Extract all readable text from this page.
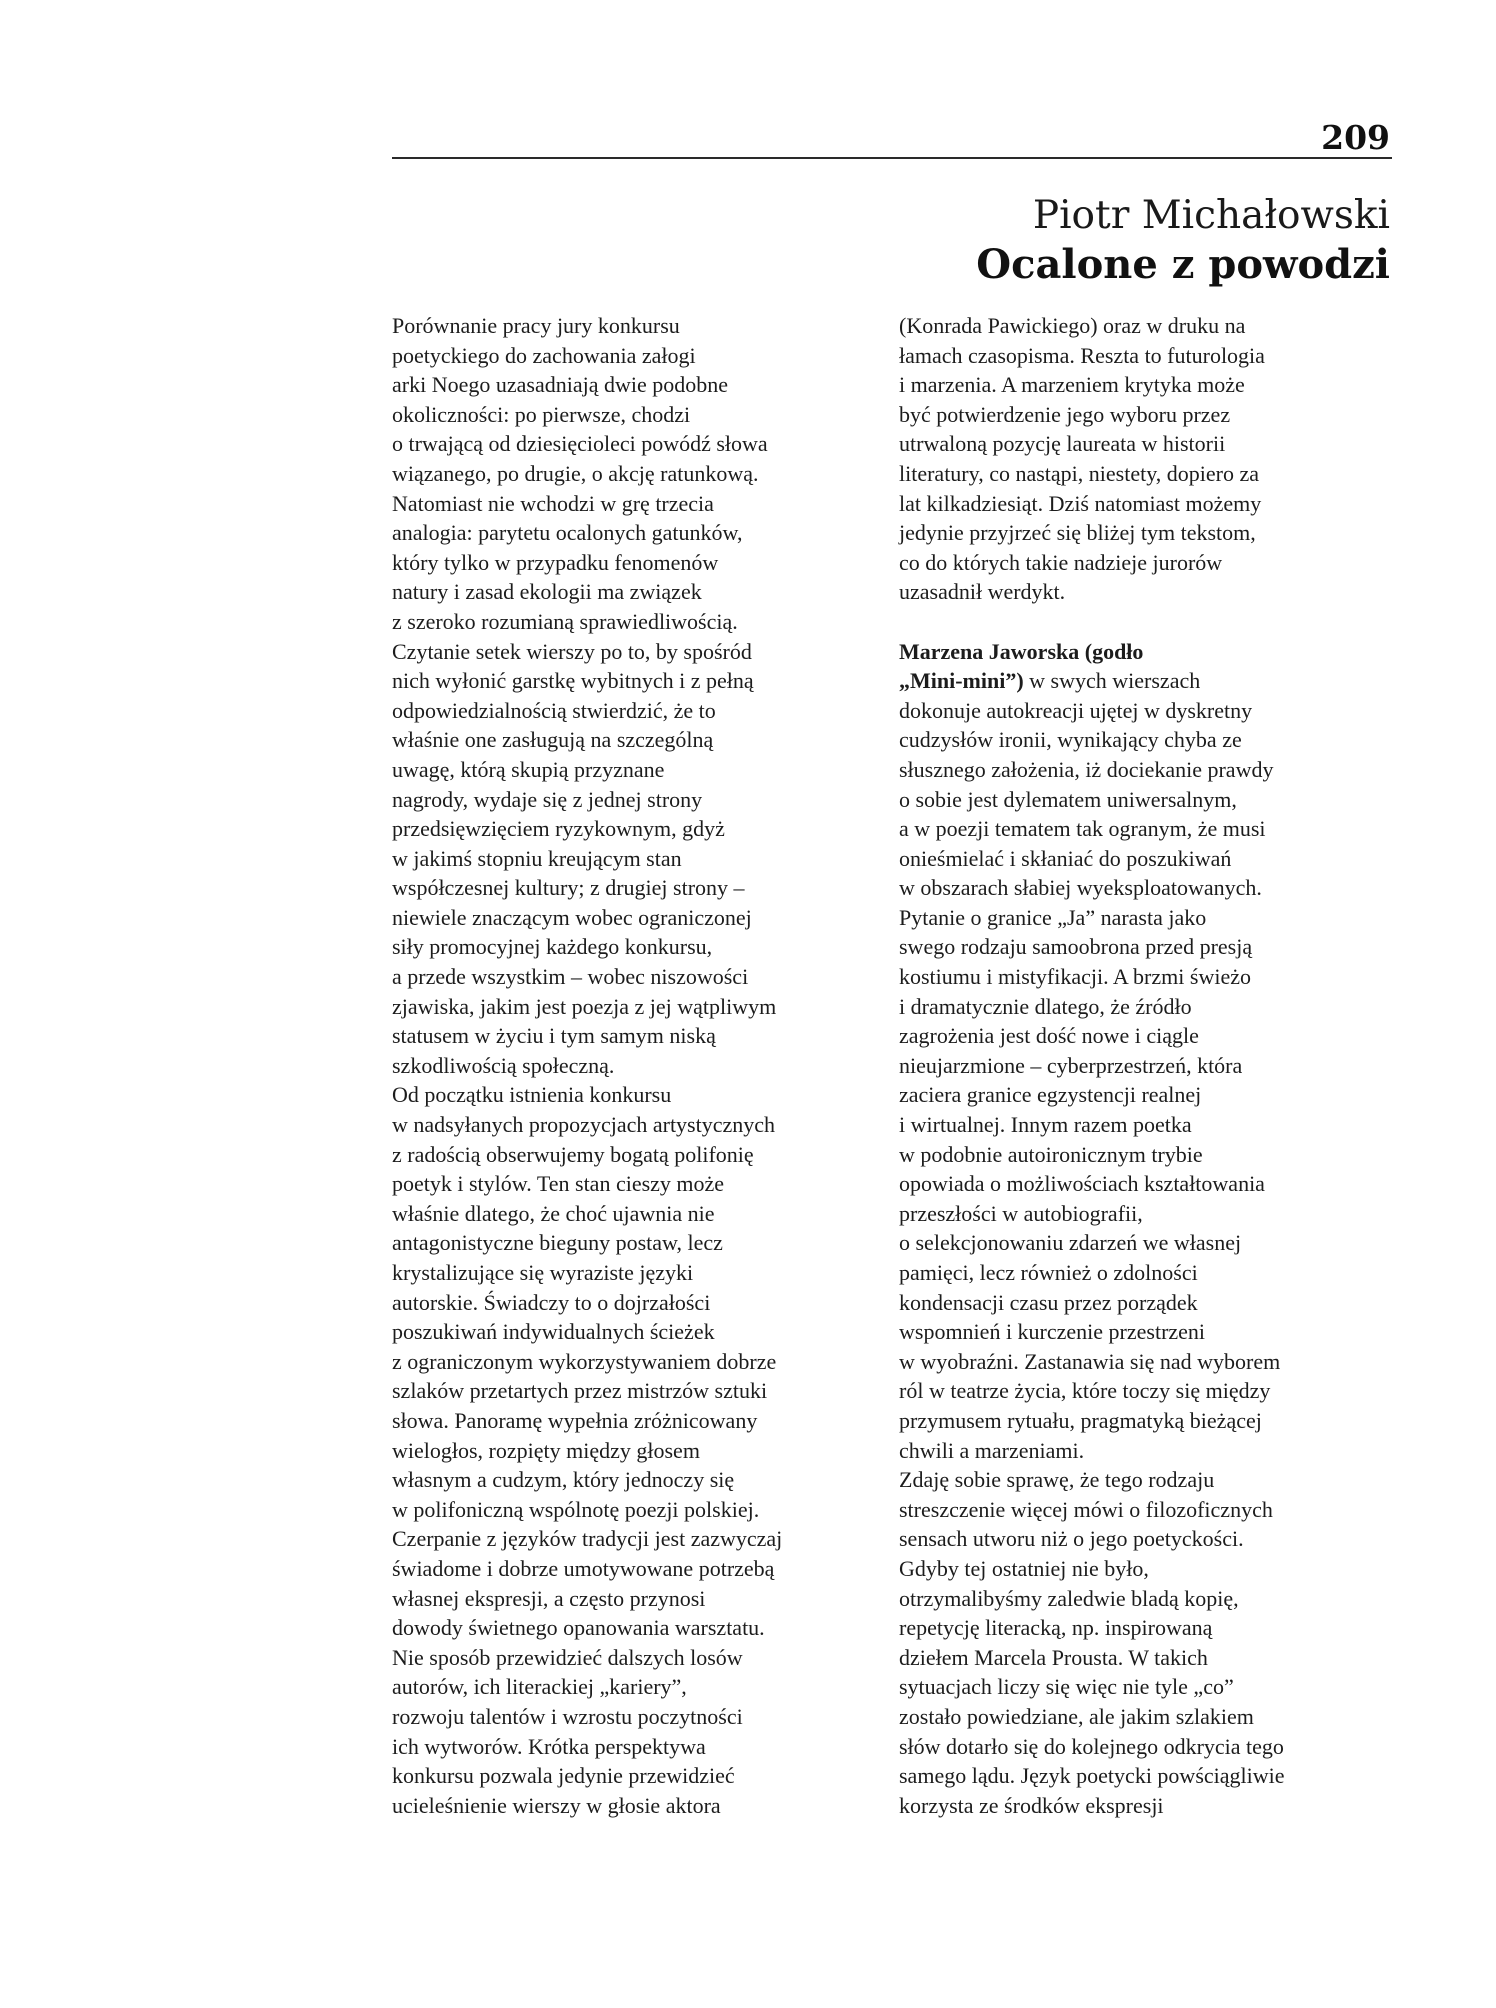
209
Piotr Michałowski
Ocalone z powodzi
Porównanie pracy jury konkursu
poetyckiego do zachowania załogi
arki Noego uzasadniają dwie podobne
okoliczności: po pierwsze, chodzi
o trwającą od dziesięcioleci powódź słowa
wiązanego, po drugie, o akcję ratunkową.
Natomiast nie wchodzi w grę trzecia
analogia: parytetu ocalonych gatunków,
który tylko w przypadku fenomenów
natury i zasad ekologii ma związek
z szeroko rozumianą sprawiedliwością.
Czytanie setek wierszy po to, by spośród
nich wyłonić garstkę wybitnych i z pełną
odpowiedzialnością stwierdzić, że to
właśnie one zasługują na szczególną
uwagę, którą skupią przyznane
nagrody, wydaje się z jednej strony
przedsięwzięciem ryzykownym, gdyż
w jakimś stopniu kreującym stan
współczesnej kultury; z drugiej strony –
niewiele znaczącym wobec ograniczonej
siły promocyjnej każdego konkursu,
a przede wszystkim – wobec niszowości
zjawiska, jakim jest poezja z jej wątpliwym
statusem w życiu i tym samym niską
szkodliwością społeczną.
Od początku istnienia konkursu
w nadsyłanych propozycjach artystycznych
z radością obserwujemy bogatą polifonię
poetyk i stylów. Ten stan cieszy może
właśnie dlatego, że choć ujawnia nie
antagonistyczne bieguny postaw, lecz
krystalizujące się wyraziste języki
autorskie. Świadczy to o dojrzałości
poszukiwań indywidualnych ścieżek
z ograniczonym wykorzystywaniem dobrze
szlaków przetartych przez mistrzów sztuki
słowa. Panoramę wypełnia zróżnicowany
wielogłos, rozpięty między głosem
własnym a cudzym, który jednoczy się
w polifoniczną wspólnotę poezji polskiej.
Czerpanie z języków tradycji jest zazwyczaj
świadome i dobrze umotywowane potrzebą
własnej ekspresji, a często przynosi
dowody świetnego opanowania warsztatu.
Nie sposób przewidzieć dalszych losów
autorów, ich literackiej „kariery”,
rozwoju talentów i wzrostu poczytności
ich wytworów. Krótka perspektywa
konkursu pozwala jedynie przewidzieć
ucieleśnienie wierszy w głosie aktora
(Konrada Pawickiego) oraz w druku na
łamach czasopisma. Reszta to futurologia
i marzenia. A marzeniem krytyka może
być potwierdzenie jego wyboru przez
utrwaloną pozycję laureata w historii
literatury, co nastąpi, niestety, dopiero za
lat kilkadziesiąt. Dziś natomiast możemy
jedynie przyjrzeć się bliżej tym tekstom,
co do których takie nadzieje jurorów
uzasadnił werdykt.
Marzena Jaworska (godło
„Mini-mini”) w swych wierszach
dokonuje autokreacji ujętej w dyskretny
cudzysłów ironii, wynikający chyba ze
słusznego założenia, iż dociekanie prawdy
o sobie jest dylematem uniwersalnym,
a w poezji tematem tak ogranym, że musi
onieśmielać i skłaniać do poszukiwań
w obszarach słabiej wyeksploatowanych.
Pytanie o granice „Ja” narasta jako
swego rodzaju samoobrona przed presją
kostiumu i mistyfikacji. A brzmi świeżo
i dramatycznie dlatego, że źródło
zagrożenia jest dość nowe i ciągle
nieujarzmione – cyberprzestrzeń, która
zaciera granice egzystencji realnej
i wirtualnej. Innym razem poetka
w podobnie autoironicznym trybie
opowiada o możliwościach kształtowania
przeszłości w autobiografii,
o selekcjonowaniu zdarzeń we własnej
pamięci, lecz również o zdolności
kondensacji czasu przez porządek
wspomnień i kurczenie przestrzeni
w wyobraźni. Zastanawia się nad wyborem
ról w teatrze życia, które toczy się między
przymusem rytuału, pragmatyką bieżącej
chwili a marzeniami.
Zdaję sobie sprawę, że tego rodzaju
streszczenie więcej mówi o filozoficznych
sensach utworu niż o jego poetyckości.
Gdyby tej ostatniej nie było,
otrzymalibyśmy zaledwie bladą kopię,
repetycję literacką, np. inspirowaną
dziełem Marcela Prousta. W takich
sytuacjach liczy się więc nie tyle „co”
zostało powiedziane, ale jakim szlakiem
słów dotarło się do kolejnego odkrycia tego
samego lądu. Język poetycki powściągliwie
korzysta ze środków ekspresji
